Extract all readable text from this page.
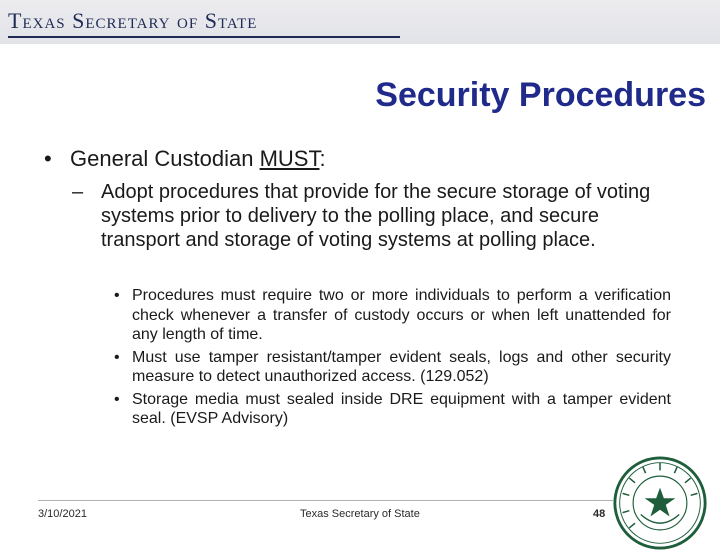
TEXAS SECRETARY OF STATE
Security Procedures
• General Custodian MUST:
– Adopt procedures that provide for the secure storage of voting systems prior to delivery to the polling place, and secure transport and storage of voting systems at polling place.
• Procedures must require two or more individuals to perform a verification check whenever a transfer of custody occurs or when left unattended for any length of time.
• Must use tamper resistant/tamper evident seals, logs and other security measure to detect unauthorized access. (129.052)
• Storage media must sealed inside DRE equipment with a tamper evident seal. (EVSP Advisory)
3/10/2021	Texas Secretary of State	48
